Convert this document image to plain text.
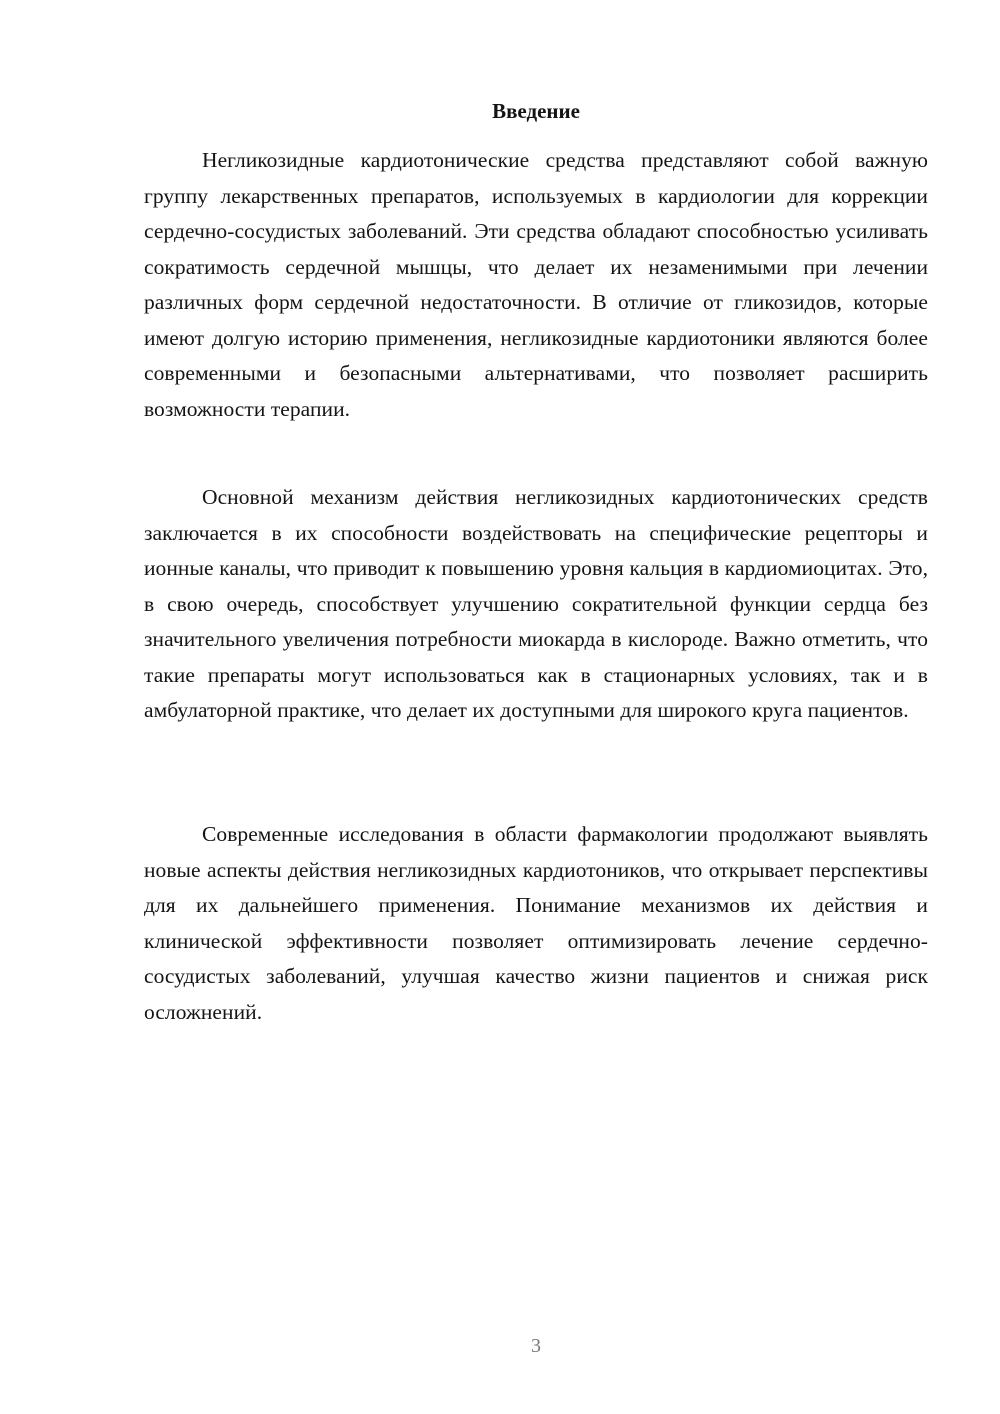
Введение

Негликозидные кардиотонические средства представляют собой важную группу лекарственных препаратов, используемых в кардиологии для коррекции сердечно-сосудистых заболеваний. Эти средства обладают способностью усиливать сократимость сердечной мышцы, что делает их незаменимыми при лечении различных форм сердечной недостаточности. В отличие от гликозидов, которые имеют долгую историю применения, негликозидные кардиотоники являются более современными и безопасными альтернативами, что позволяет расширить возможности терапии.

Основной механизм действия негликозидных кардиотонических средств заключается в их способности воздействовать на специфические рецепторы и ионные каналы, что приводит к повышению уровня кальция в кардиомиоцитах. Это, в свою очередь, способствует улучшению сократительной функции сердца без значительного увеличения потребности миокарда в кислороде. Важно отметить, что такие препараты могут использоваться как в стационарных условиях, так и в амбулаторной практике, что делает их доступными для широкого круга пациентов.

Современные исследования в области фармакологии продолжают выявлять новые аспекты действия негликозидных кардиотоников, что открывает перспективы для их дальнейшего применения. Понимание механизмов их действия и клинической эффективности позволяет оптимизировать лечение сердечно-сосудистых заболеваний, улучшая качество жизни пациентов и снижая риск осложнений.

3
